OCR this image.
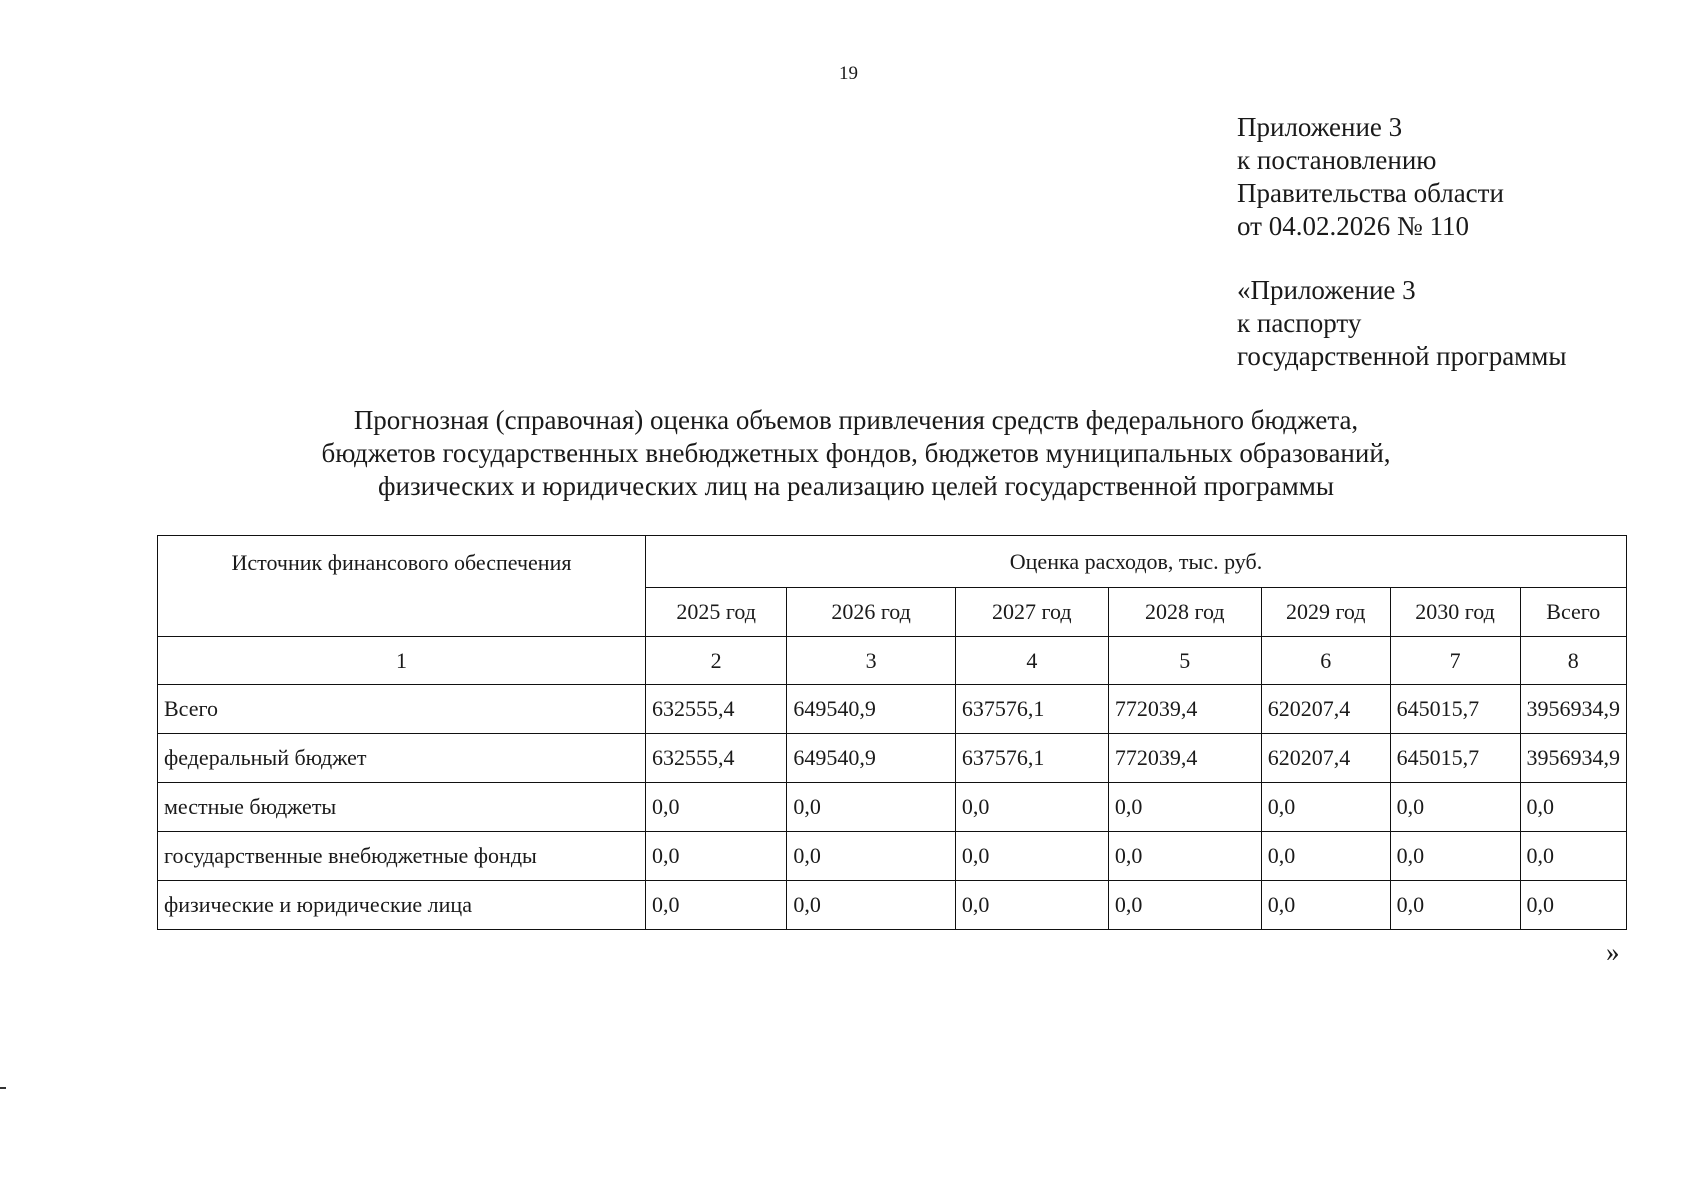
19
Приложение 3
к постановлению
Правительства области
от 04.02.2026 № 110
«Приложение 3
к паспорту
государственной программы
Прогнозная (справочная) оценка объемов привлечения средств федерального бюджета,
бюджетов государственных внебюджетных фондов, бюджетов муниципальных образований,
физических и юридических лиц на реализацию целей государственной программы
Источник финансового обеспечения	Оценка расходов, тыс. руб.						
	2025 год	2026 год	2027 год	2028 год	2029 год	2030 год	Всего
1	2	3	4	5	6	7	8
Всего	632555,4	649540,9	637576,1	772039,4	620207,4	645015,7	3956934,9
федеральный бюджет	632555,4	649540,9	637576,1	772039,4	620207,4	645015,7	3956934,9
местные бюджеты	0,0	0,0	0,0	0,0	0,0	0,0	0,0
государственные внебюджетные фонды	0,0	0,0	0,0	0,0	0,0	0,0	0,0
физические и юридические лица	0,0	0,0	0,0	0,0	0,0	0,0	0,0
»
